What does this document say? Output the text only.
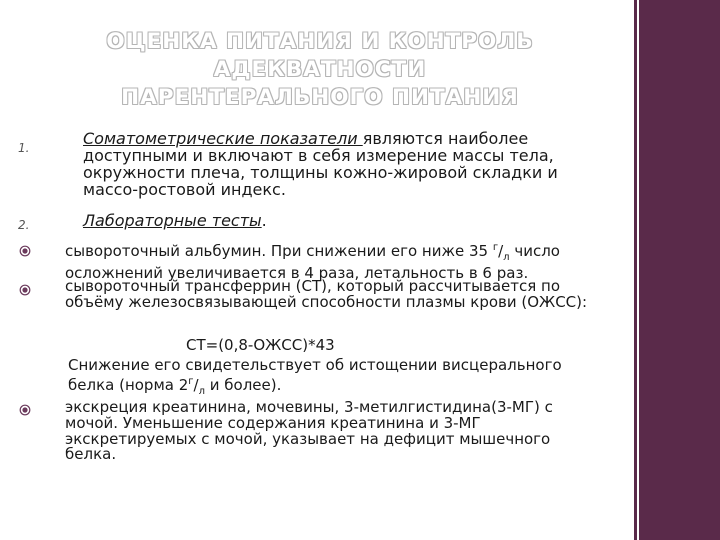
ОЦЕНКА ПИТАНИЯ И КОНТРОЛЬ АДЕКВАТНОСТИ
ПАРЕНТЕРАЛЬНОГО ПИТАНИЯ
1.	Соматометрические показатели являются наиболее доступными и включают в себя измерение массы тела, окружности плеча, толщины кожно-жировой складки и массо-ростовой индекс.
2.	Лабораторные тесты.
сывороточный альбумин. При снижении его ниже 35 $^г/_л$ число осложнений увеличивается в 4 раза, летальность в 6 раз.
сывороточный трансферрин (СТ), который рассчитывается по объёму железосвязывающей способности плазмы крови (ОЖСС):
СТ=(0,8-ОЖСС)*43
Снижение его свидетельствует об истощении висцерального белка (норма $2^г/_л$ и более).
экскреция креатинина, мочевины, 3-метилгистидина(3-МГ) с мочой. Уменьшение содержания креатинина и 3-МГ экскретируемых с мочой, указывает на дефицит мышечного белка.
